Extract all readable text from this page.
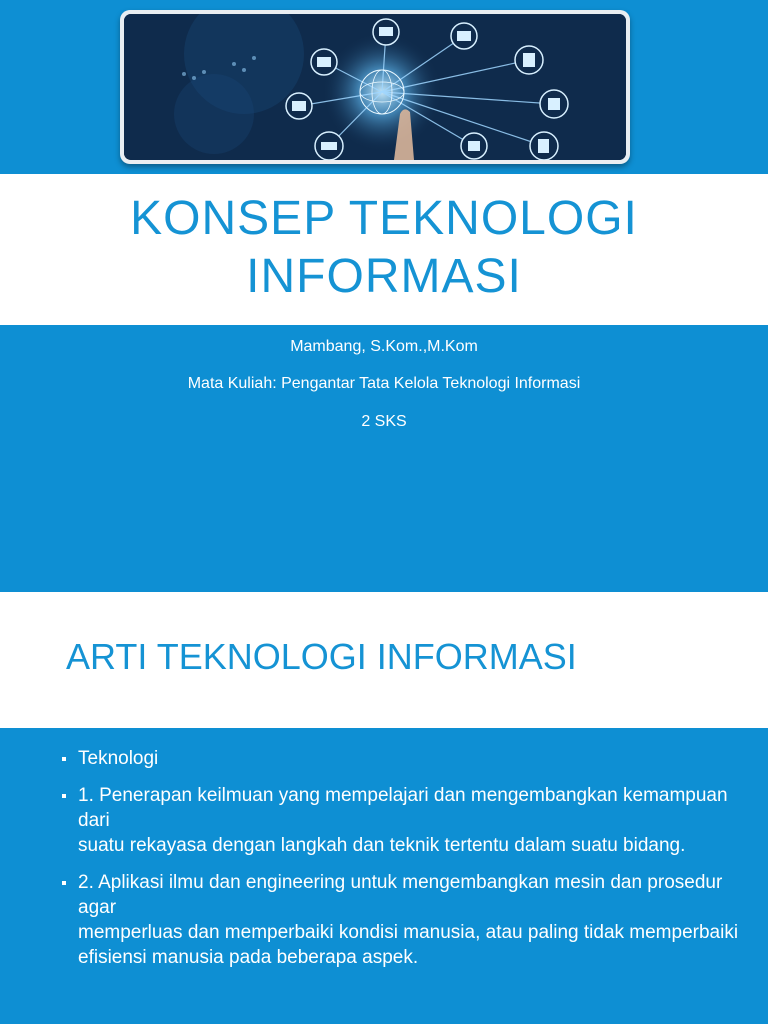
KONSEP TEKNOLOGI INFORMASI
Mambang, S.Kom.,M.Kom
Mata Kuliah: Pengantar Tata Kelola Teknologi Informasi
2 SKS
ARTI TEKNOLOGI INFORMASI
Teknologi
1. Penerapan keilmuan yang mempelajari dan mengembangkan kemampuan dari
suatu rekayasa dengan langkah dan teknik tertentu dalam suatu bidang.
2. Aplikasi ilmu dan engineering untuk mengembangkan mesin dan prosedur agar
memperluas dan memperbaiki kondisi manusia, atau paling tidak memperbaiki
efisiensi manusia pada beberapa aspek.
